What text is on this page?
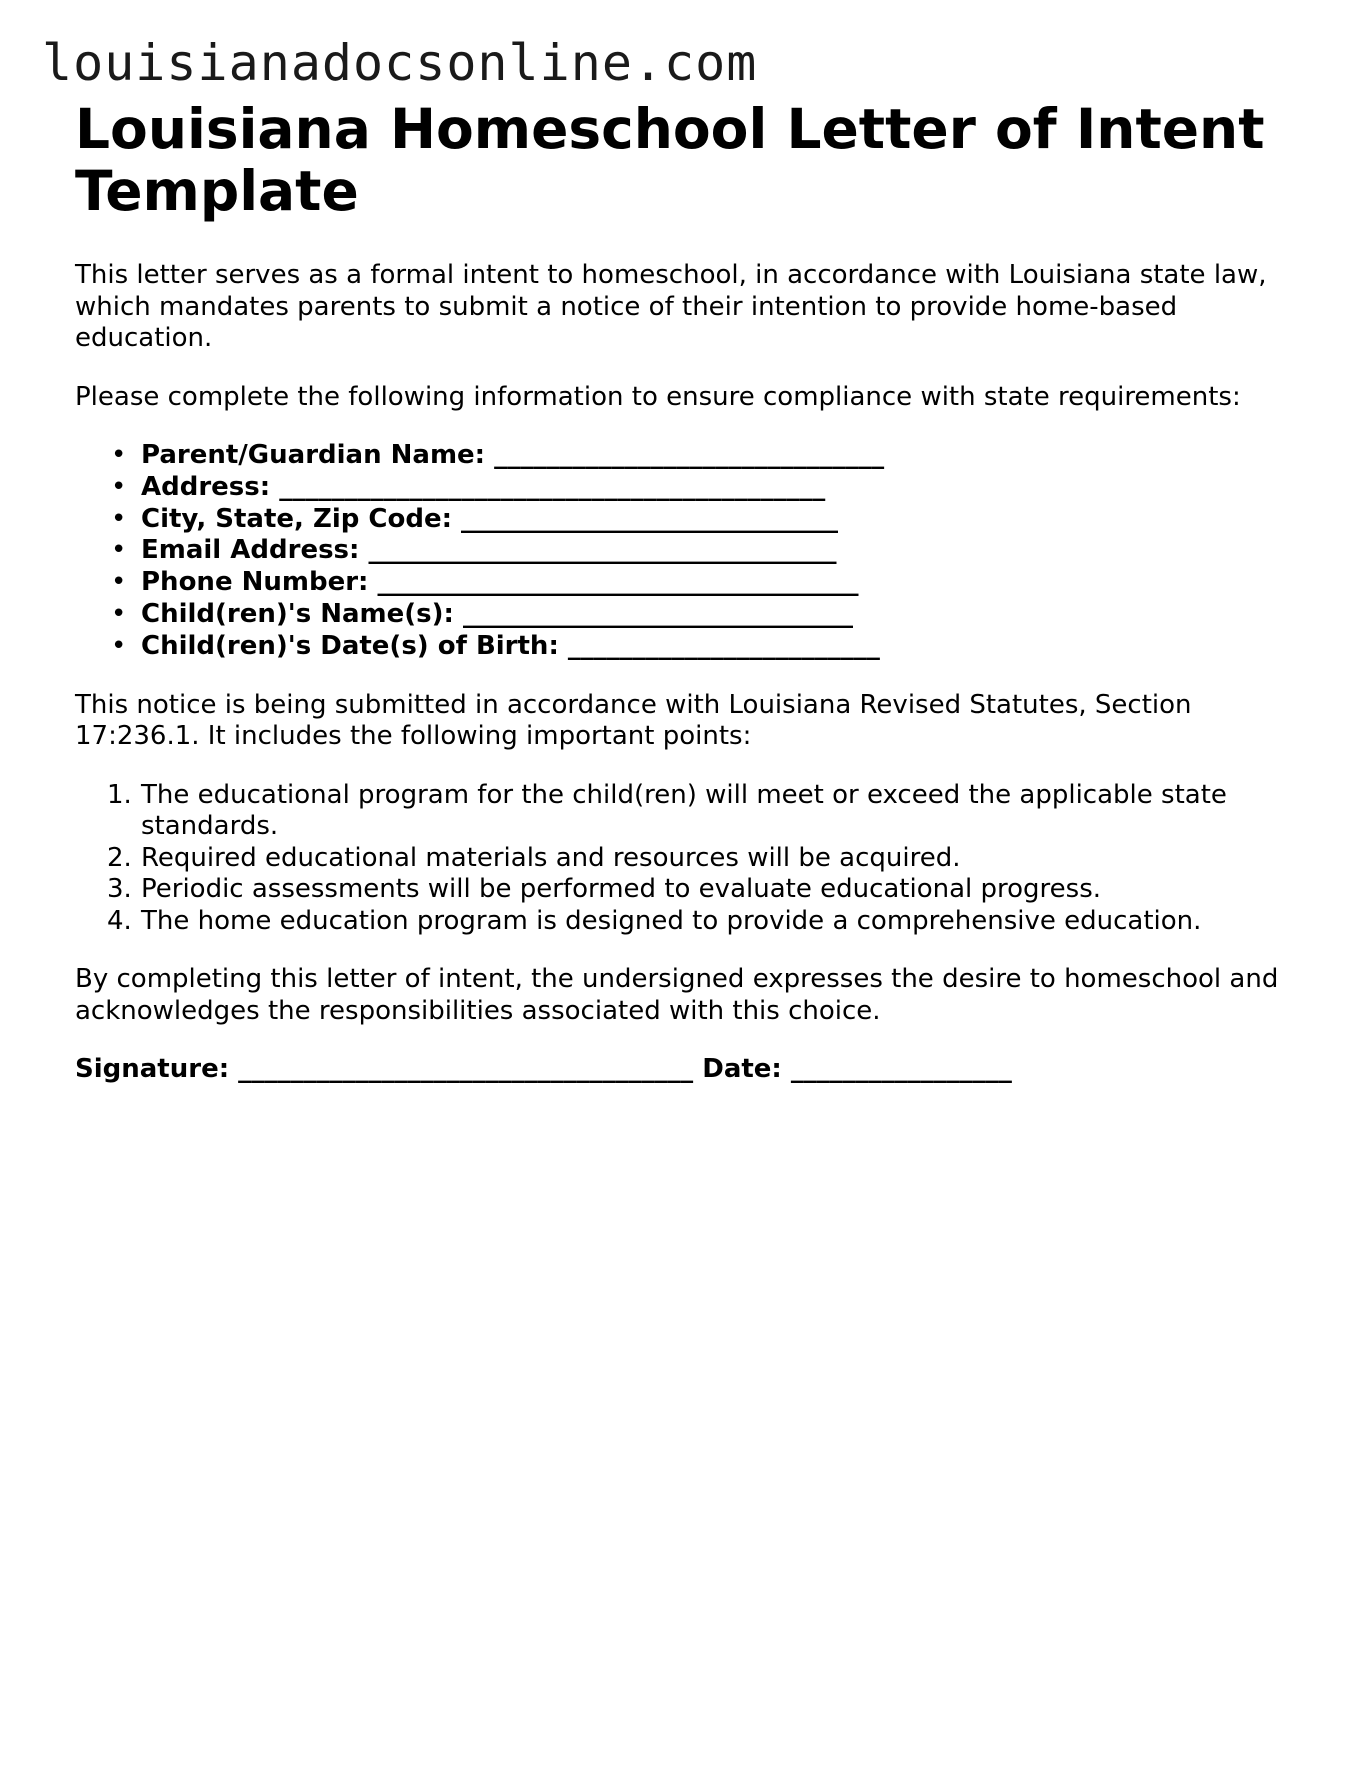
louisianadocsonline.com
Louisiana Homeschool Letter of Intent Template

This letter serves as a formal intent to homeschool, in accordance with Louisiana state law, which mandates parents to submit a notice of their intention to provide home-based education.

Please complete the following information to ensure compliance with state requirements:

• Parent/Guardian Name: ______________________________
• Address: __________________________________________
• City, State, Zip Code: _____________________________
• Email Address: ____________________________________
• Phone Number: _____________________________________
• Child(ren)'s Name(s): ______________________________
• Child(ren)'s Date(s) of Birth: ________________________

This notice is being submitted in accordance with Louisiana Revised Statutes, Section 17:236.1. It includes the following important points:

1. The educational program for the child(ren) will meet or exceed the applicable state standards.
2. Required educational materials and resources will be acquired.
3. Periodic assessments will be performed to evaluate educational progress.
4. The home education program is designed to provide a comprehensive education.

By completing this letter of intent, the undersigned expresses the desire to homeschool and acknowledges the responsibilities associated with this choice.

Signature: ___________________________________ Date: _________________
